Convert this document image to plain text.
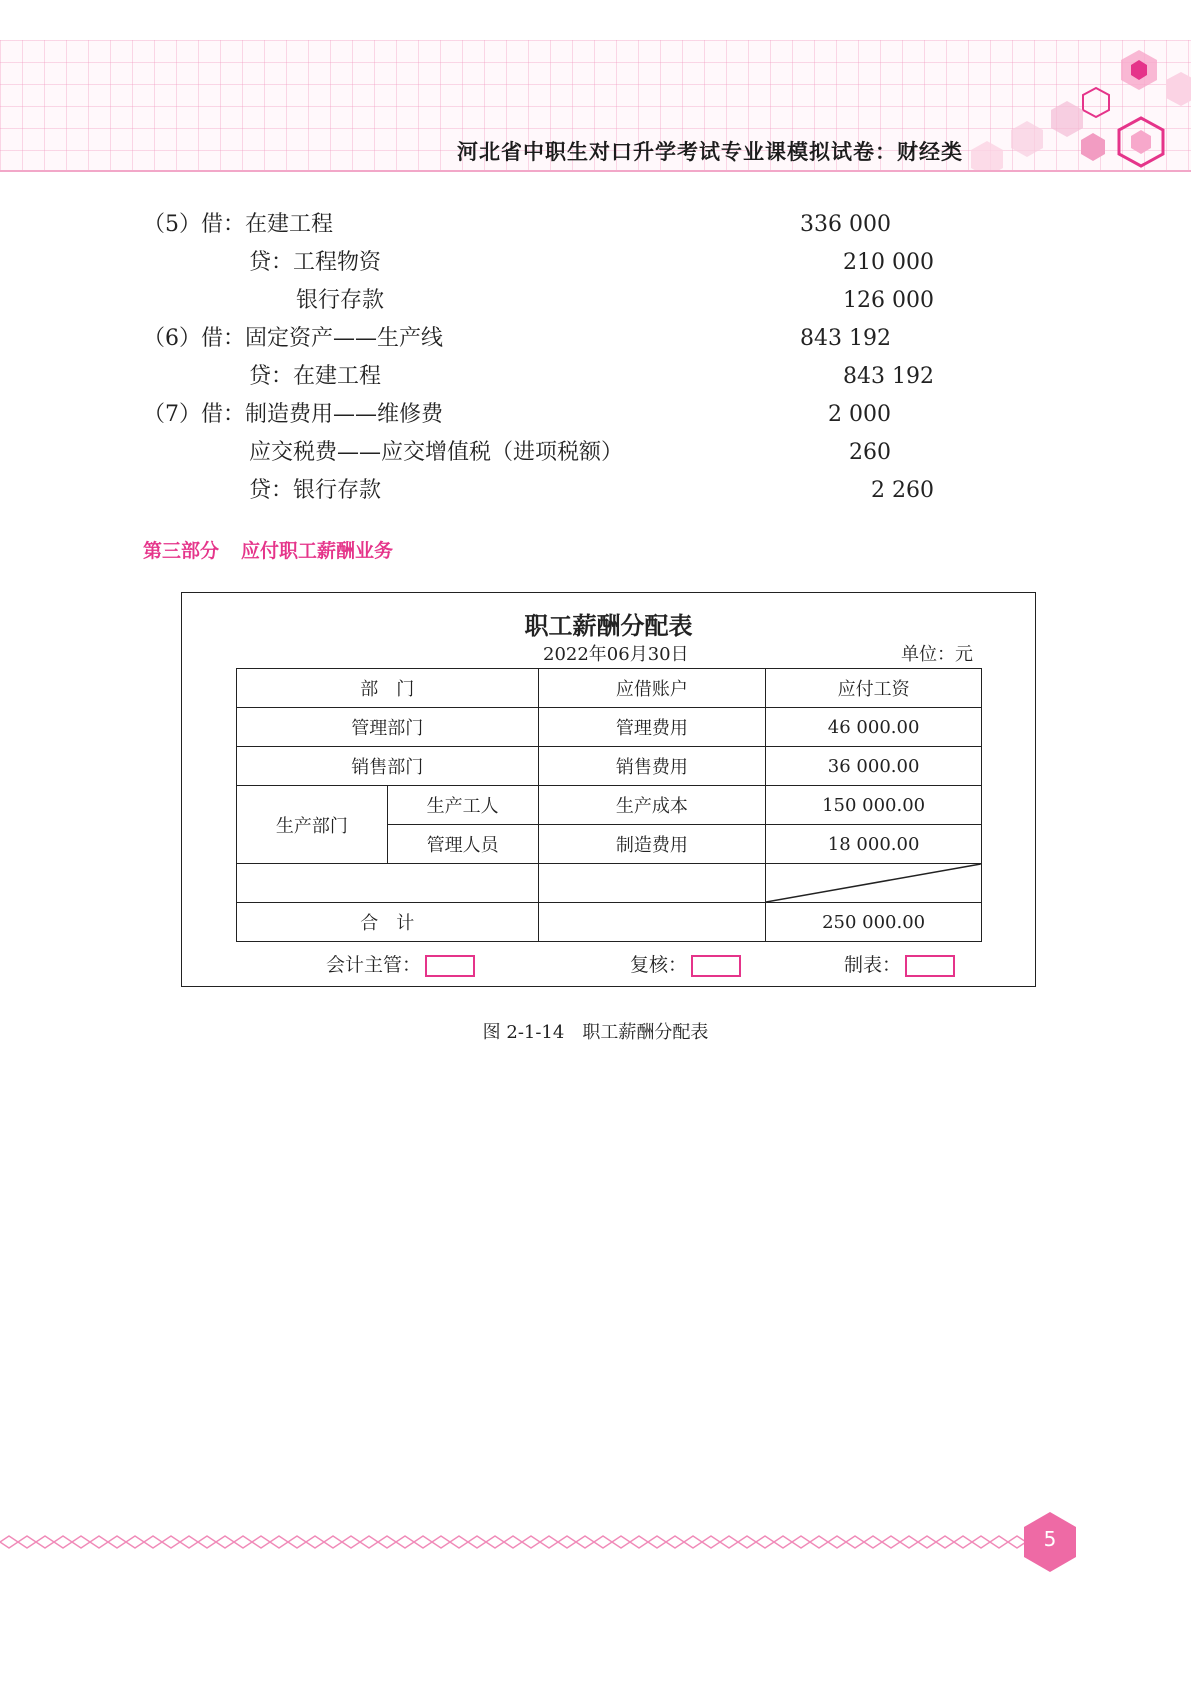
河北省中职生对口升学考试专业课模拟试卷：财经类
（5）借：在建工程	336 000
贷：工程物资	210 000
银行存款	126 000
（6）借：固定资产——生产线	843 192
贷：在建工程	843 192
（7）借：制造费用——维修费	2 000
应交税费——应交增值税（进项税额）	260
贷：银行存款	2 260
第三部分 应付职工薪酬业务
职工薪酬分配表
2022年06月30日	单位：元
部　门		应借账户	应付工资
管理部门		管理费用	46 000.00
销售部门		销售费用	36 000.00
生产部门	生产工人	生产成本	150 000.00
	管理人员	制造费用	18 000.00

合　计			250 000.00
会计主管：	复核：	制表：
图 2-1-14　职工薪酬分配表
5
